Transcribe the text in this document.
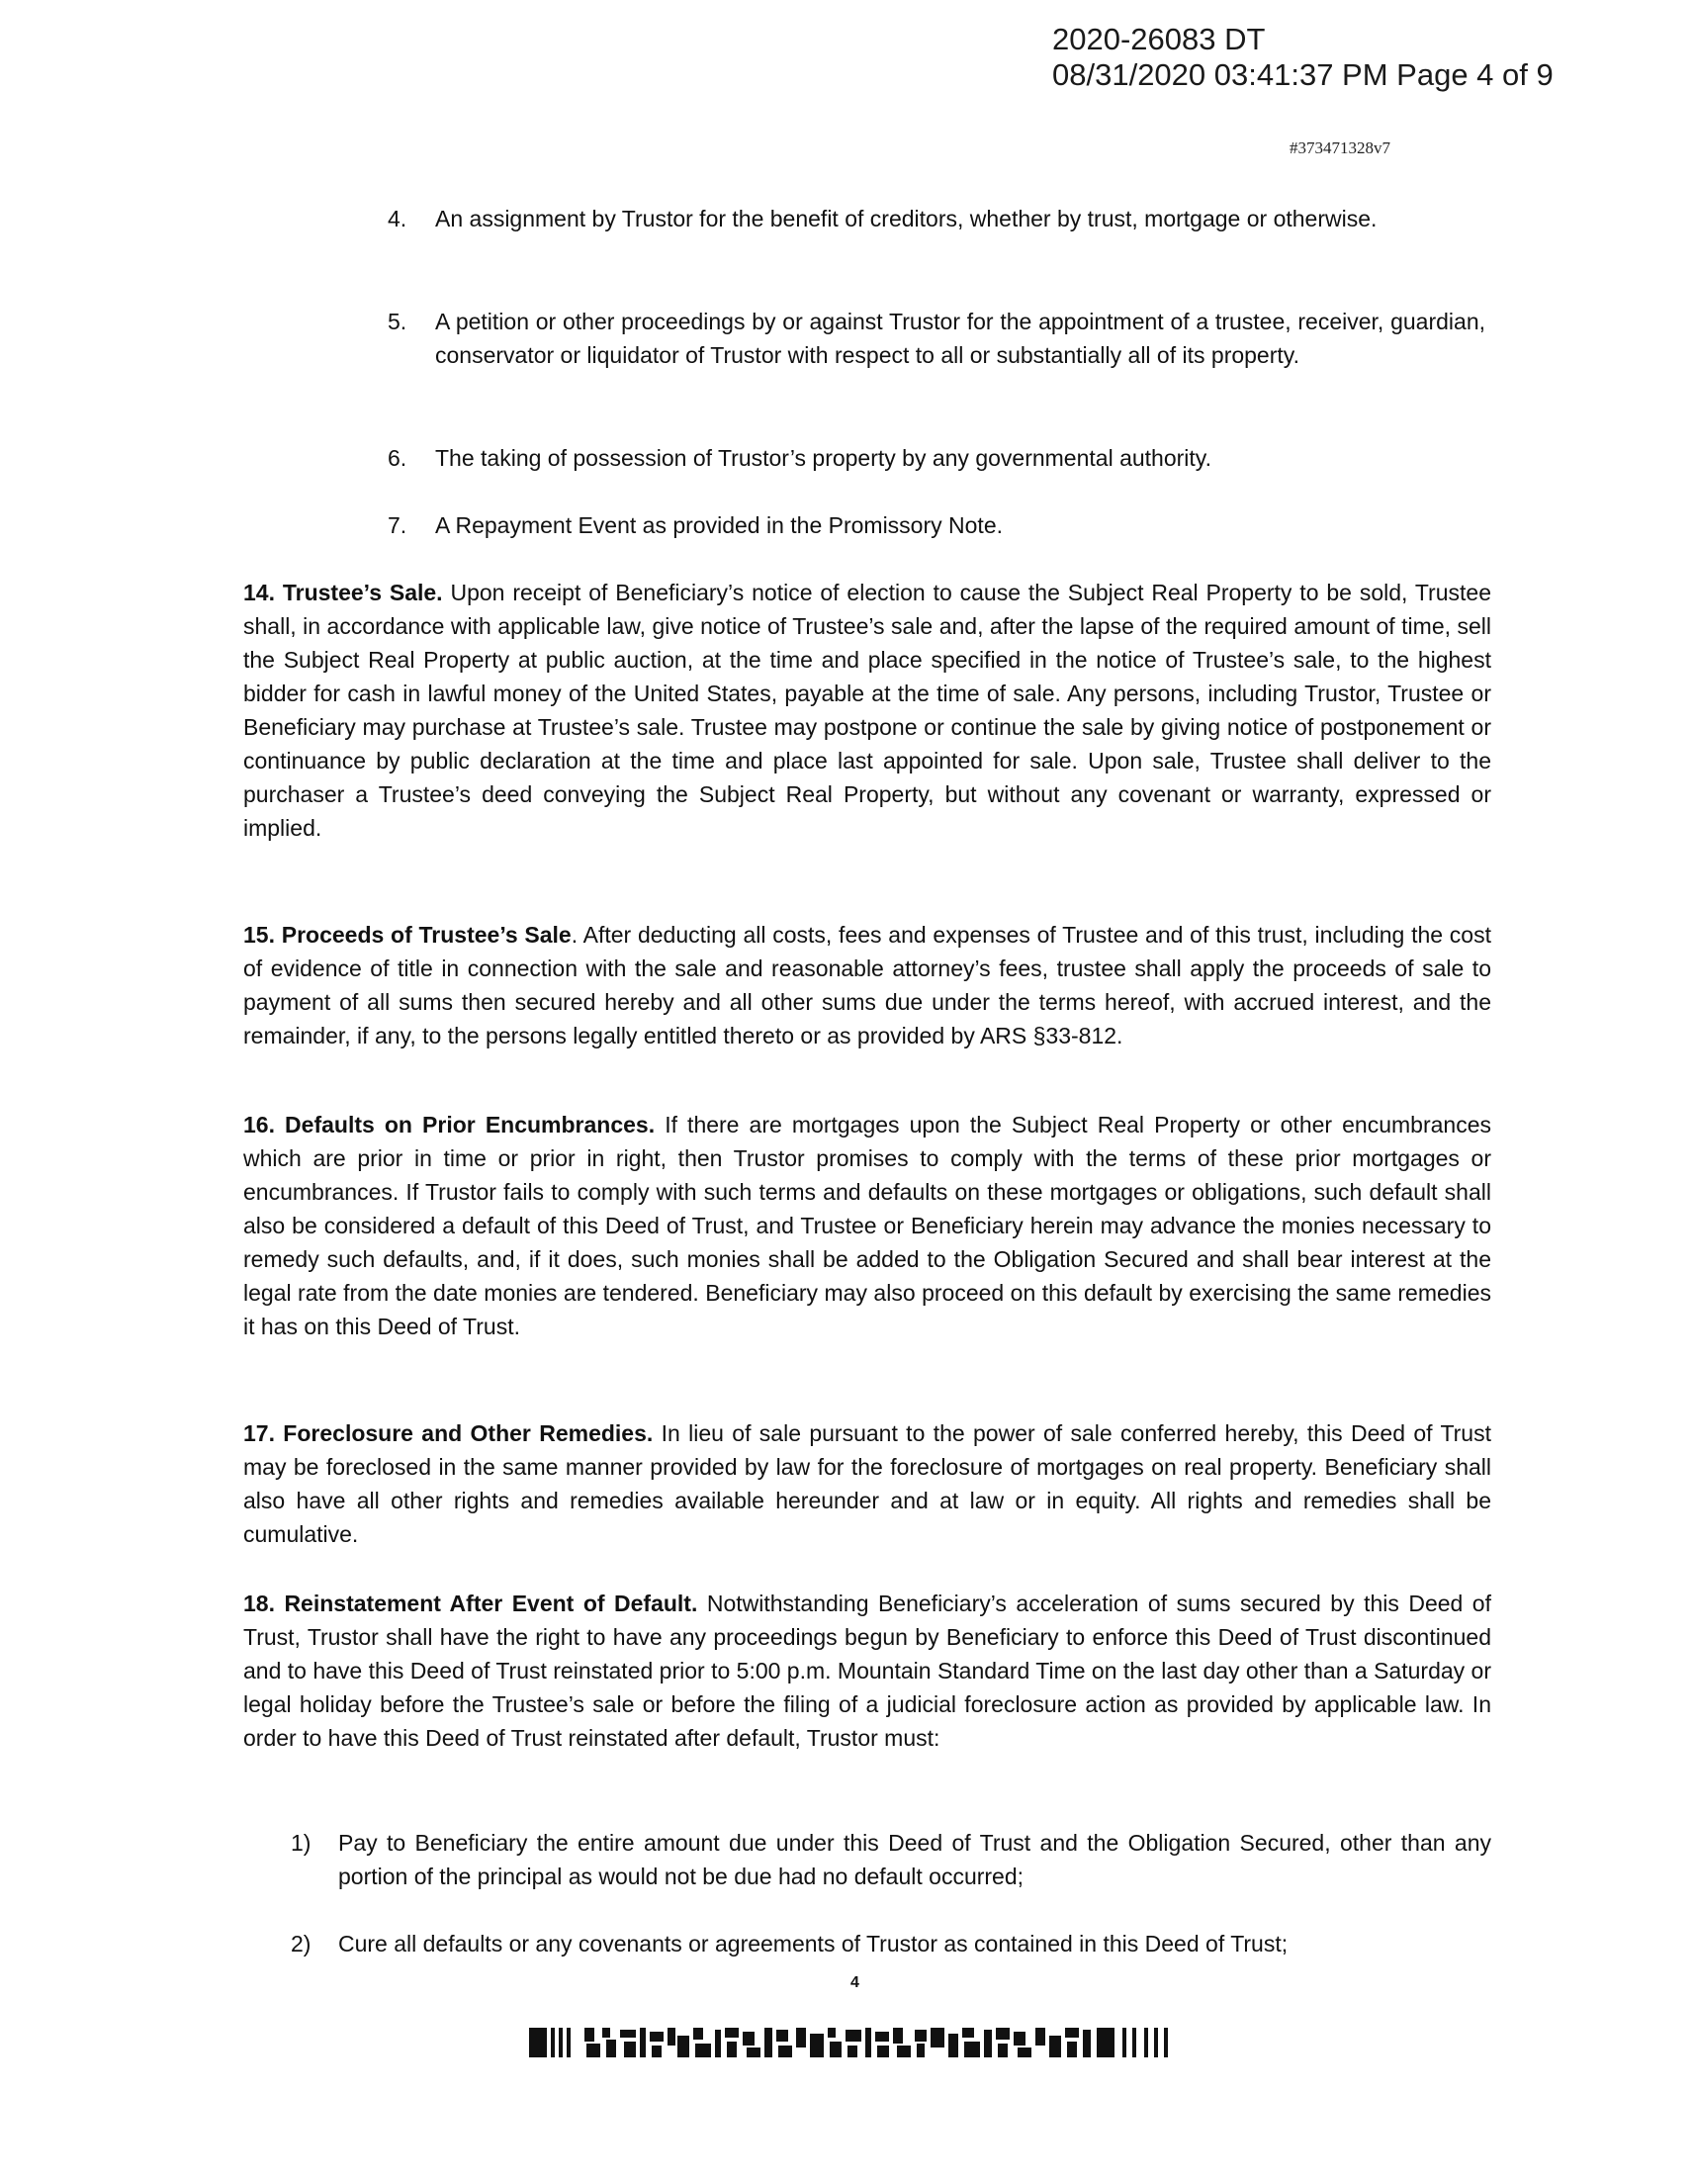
2020-26083 DT
08/31/2020 03:41:37 PM Page 4 of 9
#373471328v7
4.	An assignment by Trustor for the benefit of creditors, whether by trust, mortgage or otherwise.
5.	A petition or other proceedings by or against Trustor for the appointment of a trustee, receiver, guardian, conservator or liquidator of Trustor with respect to all or substantially all of its property.
6.	The taking of possession of Trustor’s property by any governmental authority.
7.	A Repayment Event as provided in the Promissory Note.
14. Trustee’s Sale. Upon receipt of Beneficiary’s notice of election to cause the Subject Real Property to be sold, Trustee shall, in accordance with applicable law, give notice of Trustee’s sale and, after the lapse of the required amount of time, sell the Subject Real Property at public auction, at the time and place specified in the notice of Trustee’s sale, to the highest bidder for cash in lawful money of the United States, payable at the time of sale. Any persons, including Trustor, Trustee or Beneficiary may purchase at Trustee’s sale. Trustee may postpone or continue the sale by giving notice of postponement or continuance by public declaration at the time and place last appointed for sale. Upon sale, Trustee shall deliver to the purchaser a Trustee’s deed conveying the Subject Real Property, but without any covenant or warranty, expressed or implied.
15. Proceeds of Trustee’s Sale. After deducting all costs, fees and expenses of Trustee and of this trust, including the cost of evidence of title in connection with the sale and reasonable attorney’s fees, trustee shall apply the proceeds of sale to payment of all sums then secured hereby and all other sums due under the terms hereof, with accrued interest, and the remainder, if any, to the persons legally entitled thereto or as provided by ARS §33-812.
16. Defaults on Prior Encumbrances. If there are mortgages upon the Subject Real Property or other encumbrances which are prior in time or prior in right, then Trustor promises to comply with the terms of these prior mortgages or encumbrances. If Trustor fails to comply with such terms and defaults on these mortgages or obligations, such default shall also be considered a default of this Deed of Trust, and Trustee or Beneficiary herein may advance the monies necessary to remedy such defaults, and, if it does, such monies shall be added to the Obligation Secured and shall bear interest at the legal rate from the date monies are tendered. Beneficiary may also proceed on this default by exercising the same remedies it has on this Deed of Trust.
17. Foreclosure and Other Remedies. In lieu of sale pursuant to the power of sale conferred hereby, this Deed of Trust may be foreclosed in the same manner provided by law for the foreclosure of mortgages on real property. Beneficiary shall also have all other rights and remedies available hereunder and at law or in equity. All rights and remedies shall be cumulative.
18. Reinstatement After Event of Default. Notwithstanding Beneficiary’s acceleration of sums secured by this Deed of Trust, Trustor shall have the right to have any proceedings begun by Beneficiary to enforce this Deed of Trust discontinued and to have this Deed of Trust reinstated prior to 5:00 p.m. Mountain Standard Time on the last day other than a Saturday or legal holiday before the Trustee’s sale or before the filing of a judicial foreclosure action as provided by applicable law. In order to have this Deed of Trust reinstated after default, Trustor must:
1)	Pay to Beneficiary the entire amount due under this Deed of Trust and the Obligation Secured, other than any portion of the principal as would not be due had no default occurred;
2)	Cure all defaults or any covenants or agreements of Trustor as contained in this Deed of Trust;
4
